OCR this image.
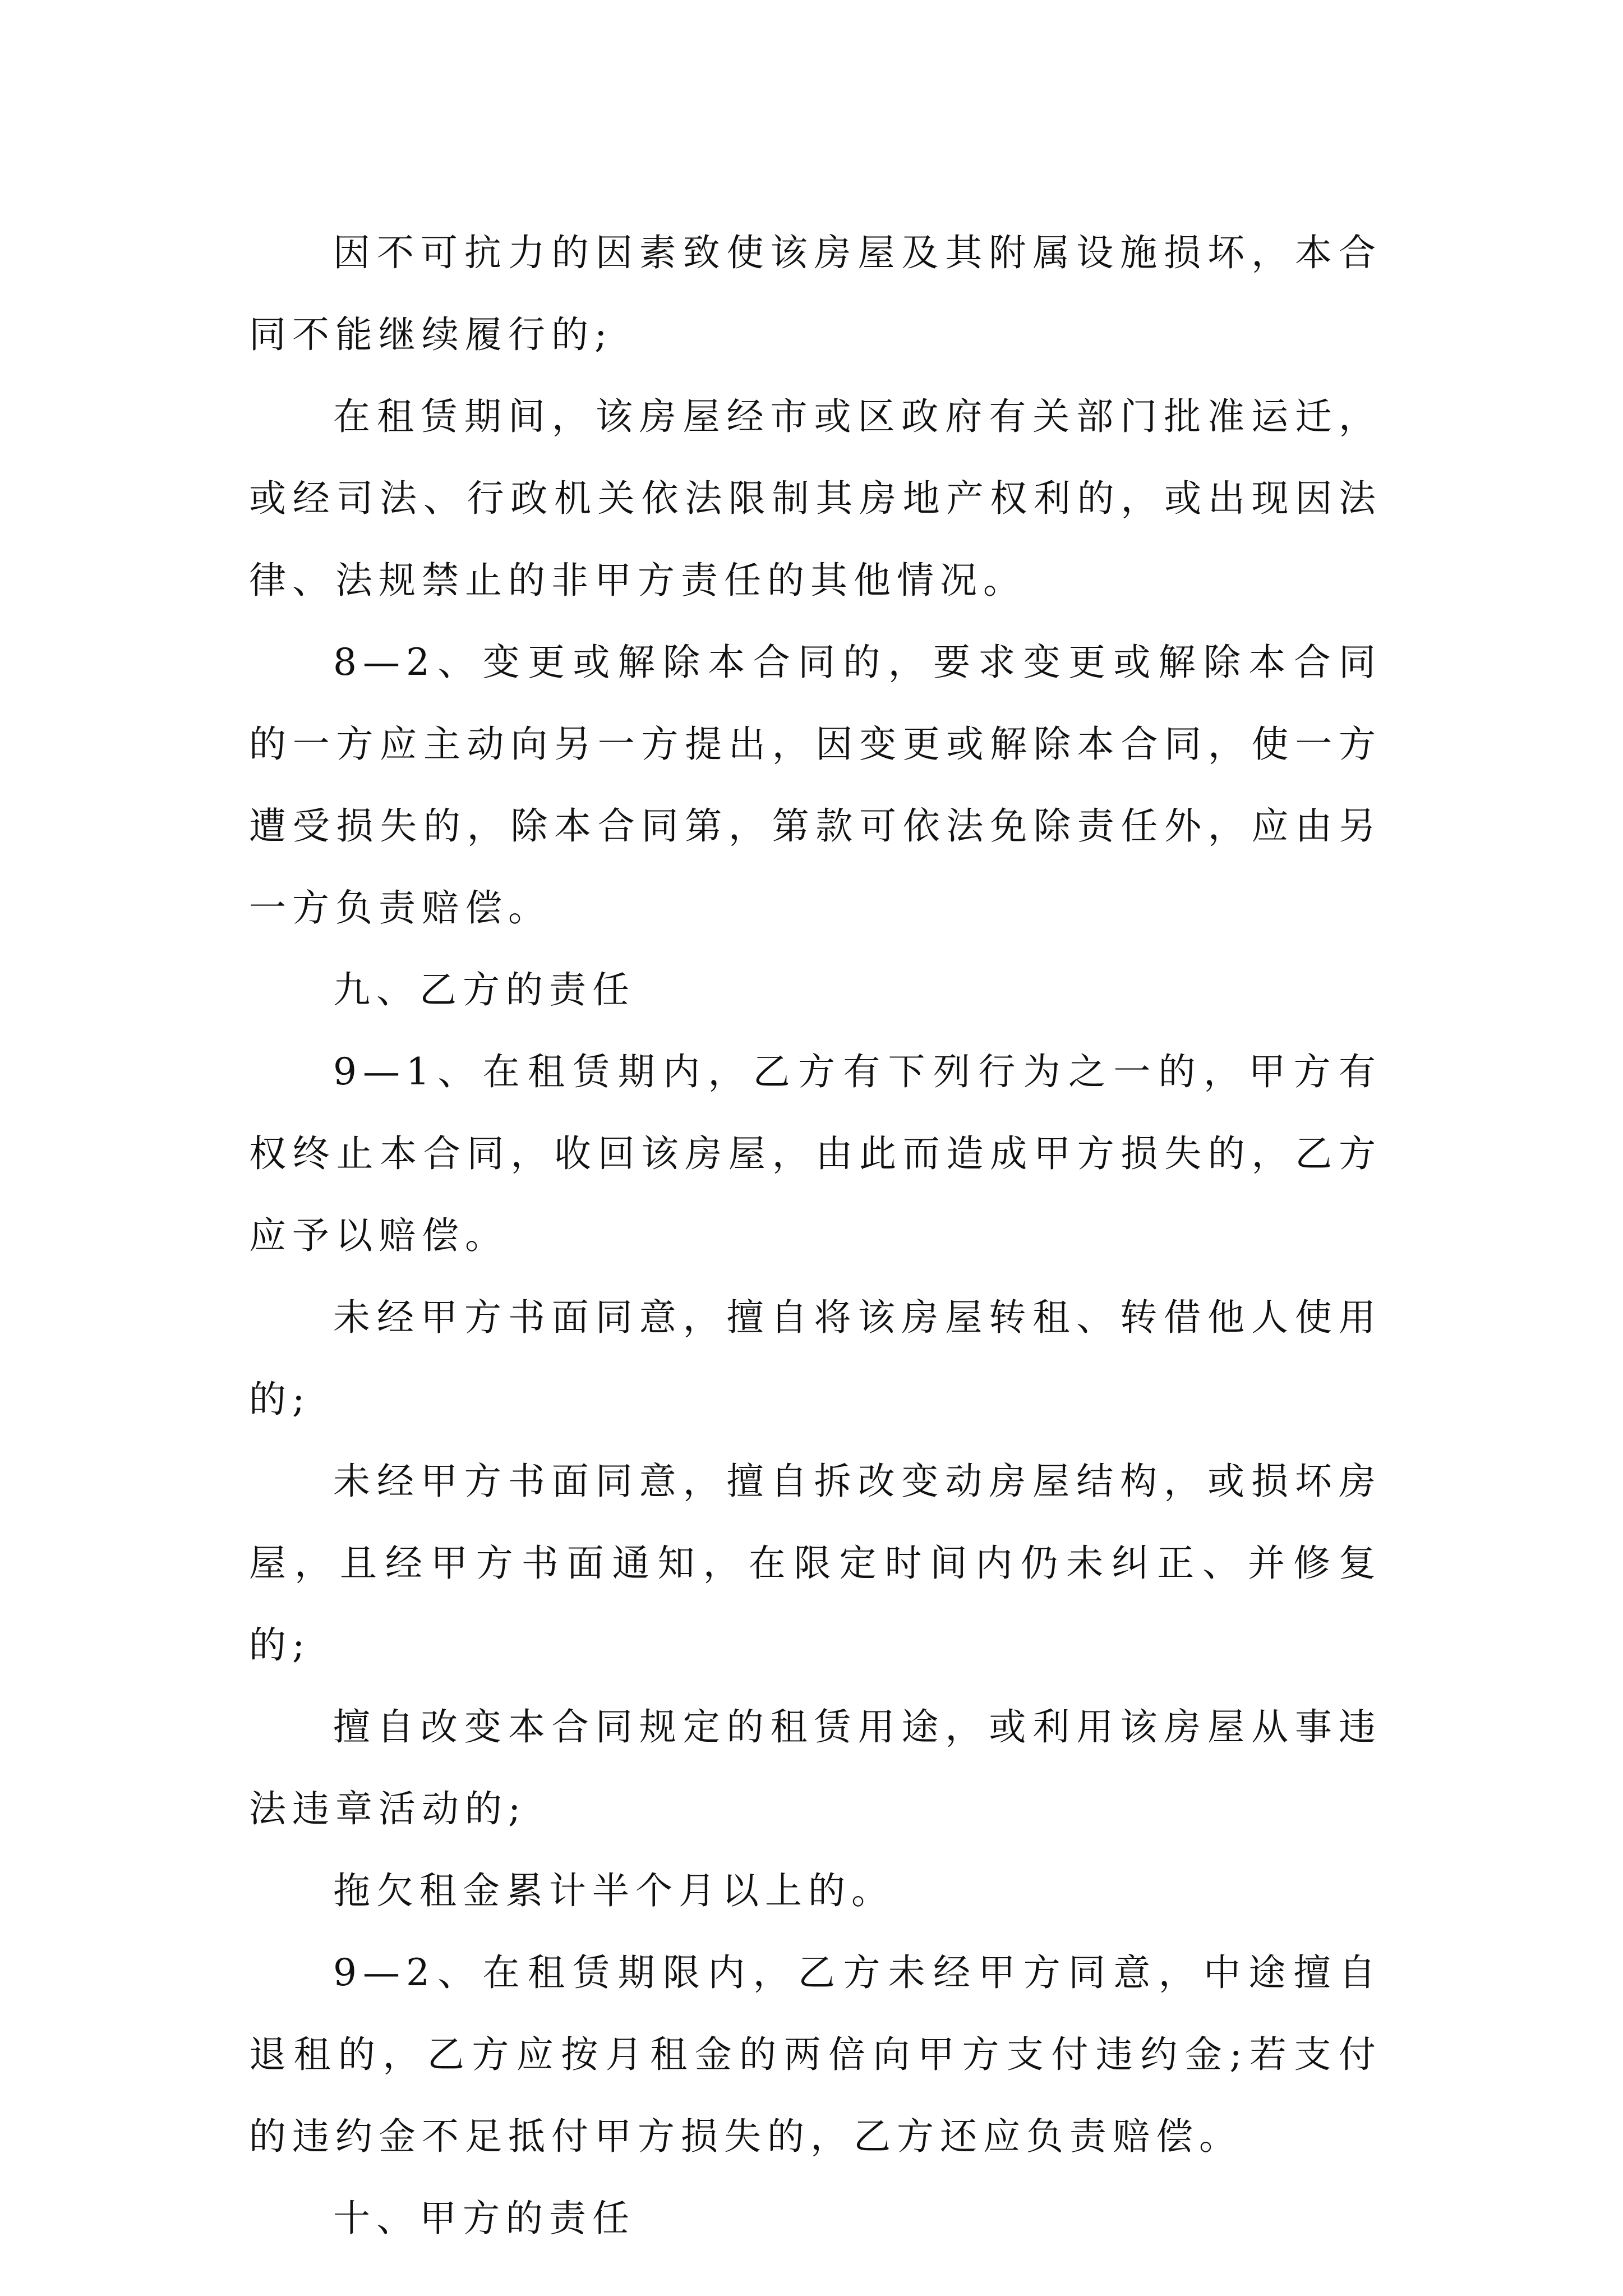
因不可抗力的因素致使该房屋及其附属设施损坏，本合同不能继续履行的;

在租赁期间，该房屋经市或区政府有关部门批准运迁，或经司法、行政机关依法限制其房地产权利的，或出现因法律、法规禁止的非甲方责任的其他情况。

8—2、变更或解除本合同的，要求变更或解除本合同的一方应主动向另一方提出，因变更或解除本合同，使一方遭受损失的，除本合同第，第款可依法免除责任外，应由另一方负责赔偿。

九、乙方的责任

9—1、在租赁期内，乙方有下列行为之一的，甲方有权终止本合同，收回该房屋，由此而造成甲方损失的，乙方应予以赔偿。

未经甲方书面同意，擅自将该房屋转租、转借他人使用的;

未经甲方书面同意，擅自拆改变动房屋结构，或损坏房屋，且经甲方书面通知，在限定时间内仍未纠正、并修复的;

擅自改变本合同规定的租赁用途，或利用该房屋从事违法违章活动的;

拖欠租金累计半个月以上的。

9—2、在租赁期限内，乙方未经甲方同意，中途擅自退租的，乙方应按月租金的两倍向甲方支付违约金;若支付的违约金不足抵付甲方损失的，乙方还应负责赔偿。

十、甲方的责任
